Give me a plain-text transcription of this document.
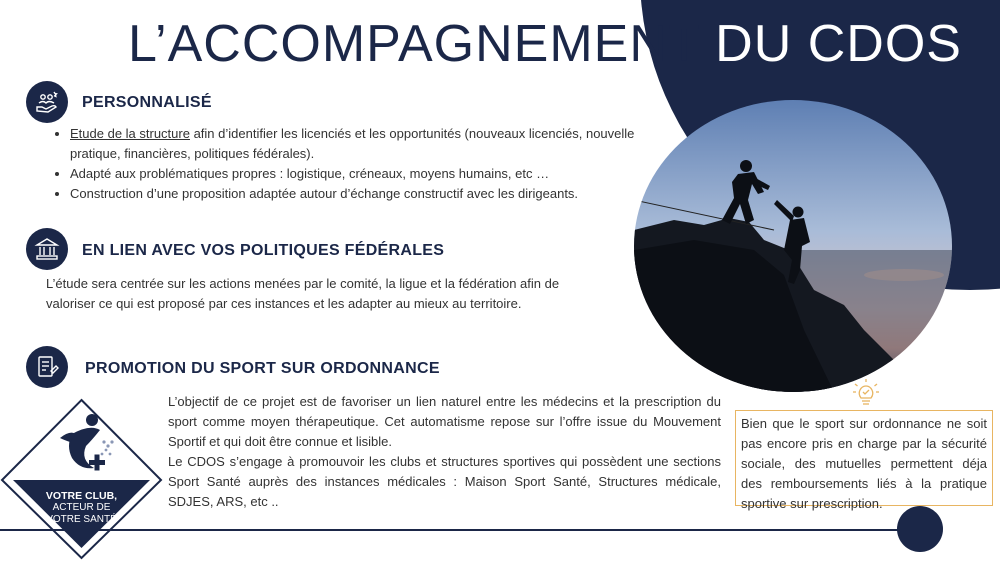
L’ACCOMPAGNEMENT DU CDOS
PERSONNALISÉ
• Etude de la structure afin d’identifier les licenciés et les opportunités (nouveaux licenciés, nouvelle pratique, financières, politiques fédérales).
• Adapté aux problématiques propres : logistique, créneaux, moyens humains, etc …
• Construction d’une proposition adaptée autour d’échange constructif avec les dirigeants.
EN LIEN AVEC VOS POLITIQUES FÉDÉRALES

L’étude sera centrée sur les actions menées par le comité, la ligue et la fédération afin de valoriser ce qui est proposé par ces instances et les adapter au mieux au territoire.

PROMOTION DU SPORT SUR ORDONNANCE

L’objectif de ce projet est de favoriser un lien naturel entre les médecins et la prescription du sport comme moyen thérapeutique. Cet automatisme repose sur l’offre issue du Mouvement Sportif et qui doit être connue et lisible.

Le CDOS s’engage à promouvoir les clubs et structures sportives qui possèdent une sections Sport Santé auprès des instances médicales : Maison Sport Santé, Structures médicale, SDJES, ARS, etc ..

VOTRE CLUB,
ACTEUR DE
VOTRE SANTÉ
Bien que le sport sur ordonnance ne soit pas encore pris en charge par la sécurité sociale, des mutuelles permettent déja des remboursements liés à la pratique sportive sur prescription.
